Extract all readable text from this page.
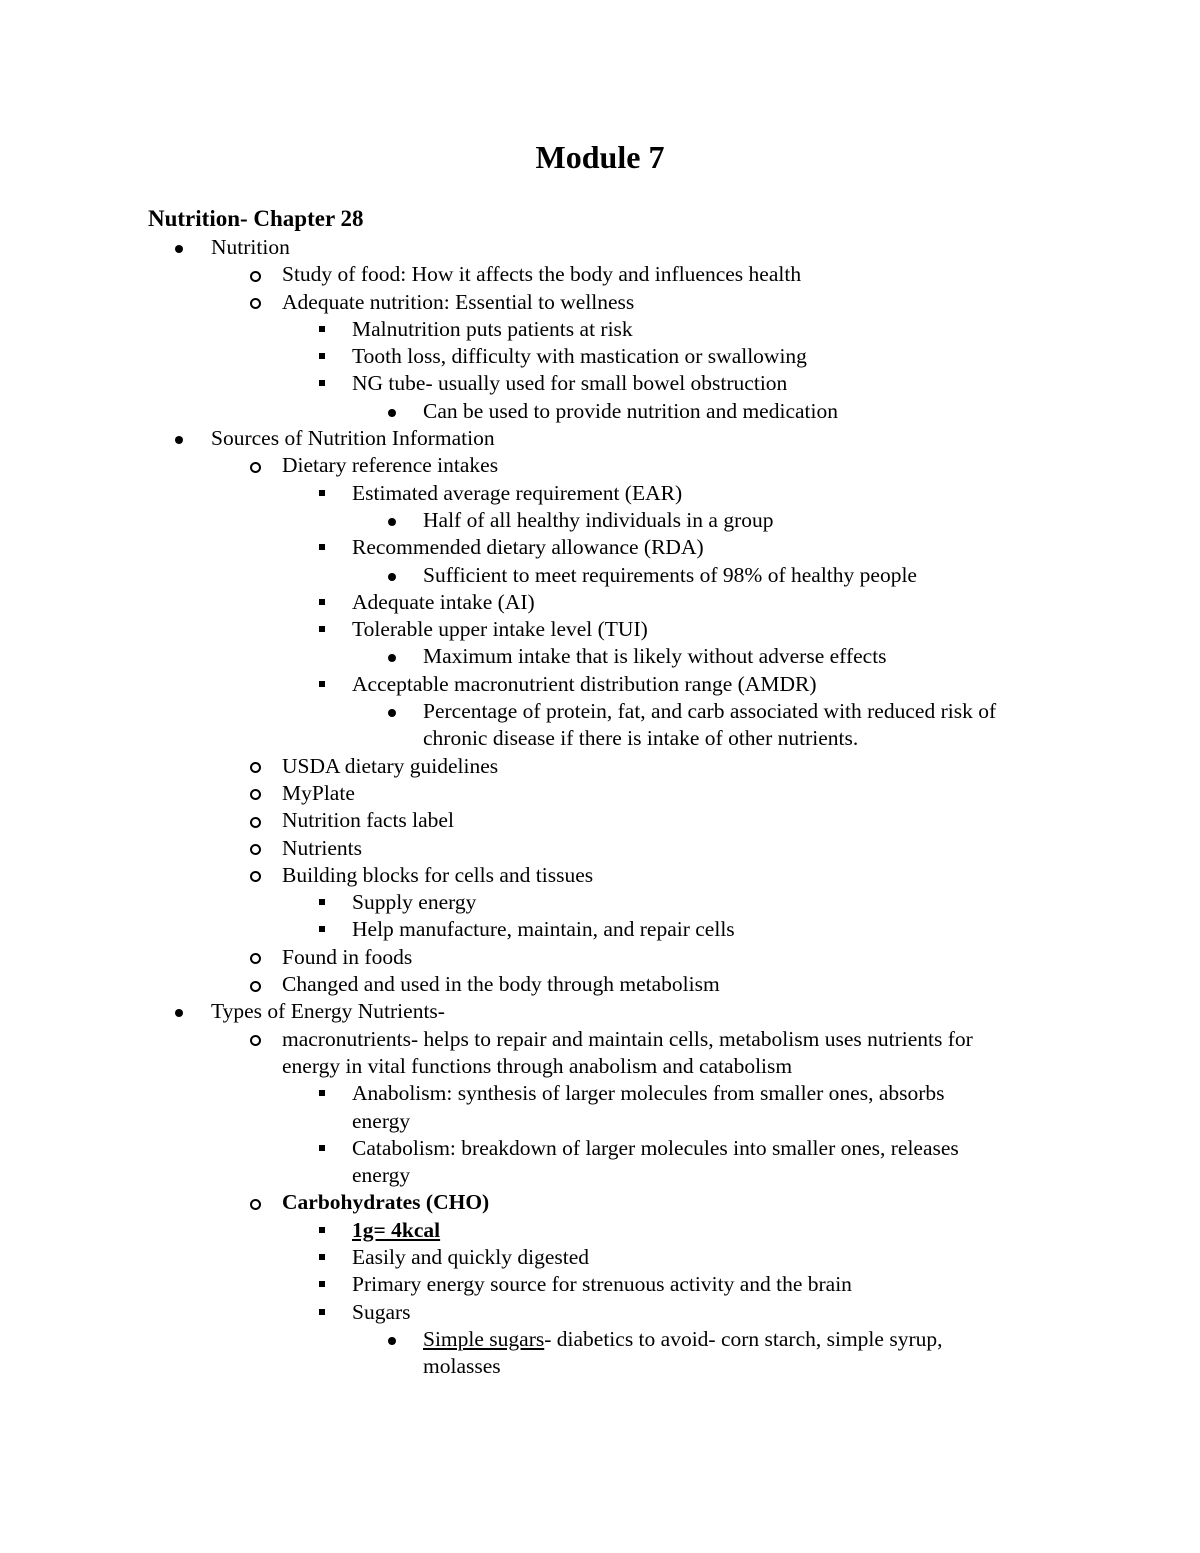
Module 7
Nutrition- Chapter 28
Nutrition
Study of food: How it affects the body and influences health
Adequate nutrition: Essential to wellness
Malnutrition puts patients at risk
Tooth loss, difficulty with mastication or swallowing
NG tube- usually used for small bowel obstruction
Can be used to provide nutrition and medication
Sources of Nutrition Information
Dietary reference intakes
Estimated average requirement (EAR)
Half of all healthy individuals in a group
Recommended dietary allowance (RDA)
Sufficient to meet requirements of 98% of healthy people
Adequate intake (AI)
Tolerable upper intake level (TUI)
Maximum intake that is likely without adverse effects
Acceptable macronutrient distribution range (AMDR)
Percentage of protein, fat, and carb associated with reduced risk of
chronic disease if there is intake of other nutrients.
USDA dietary guidelines
MyPlate
Nutrition facts label
Nutrients
Building blocks for cells and tissues
Supply energy
Help manufacture, maintain, and repair cells
Found in foods
Changed and used in the body through metabolism
Types of Energy Nutrients-
macronutrients- helps to repair and maintain cells, metabolism uses nutrients for
energy in vital functions through anabolism and catabolism
Anabolism: synthesis of larger molecules from smaller ones, absorbs
energy
Catabolism: breakdown of larger molecules into smaller ones, releases
energy
Carbohydrates (CHO)
1g= 4kcal
Easily and quickly digested
Primary energy source for strenuous activity and the brain
Sugars
Simple sugars- diabetics to avoid- corn starch, simple syrup,
molasses
